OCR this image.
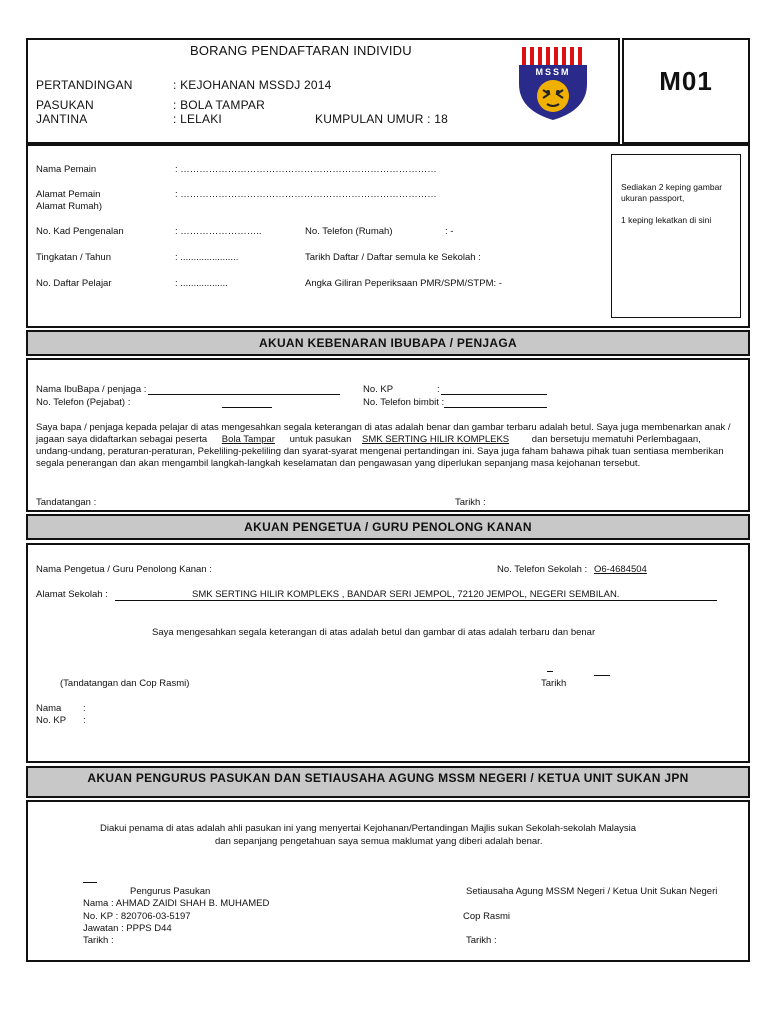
BORANG PENDAFTARAN INDIVIDU
PERTANDINGAN	: KEJOHANAN MSSDJ 2014
PASUKAN	: BOLA TAMPAR
JANTINA	: LELAKI	KUMPULAN UMUR : 18
MSSM	M01
Sediakan 2 keping gambar
ukuran passport,
1 keping lekatkan di sini
Nama Pemain	: ………………………………………………………………………
Alamat Pemain
Alamat Rumah)
: ………………………………………………………………………
No. Kad Pengenalan	: ……………………..	No. Telefon (Rumah)	: -
Tingkatan / Tahun	: ......................	Tarikh Daftar / Daftar semula ke Sekolah :
No. Daftar Pelajar	: ..................	Angka Giliran Peperiksaan PMR/SPM/STPM: -
AKUAN KEBENARAN IBUBAPA / PENJAGA
Nama IbuBapa / penjaga :	No. KP	:
No. Telefon (Pejabat) :	No. Telefon bimbit :
Saya bapa / penjaga kepada pelajar di atas mengesahkan segala keterangan di atas adalah benar dan gambar terbaru adalah betul. Saya juga membenarkan anak /
jagaan saya didaftarkan sebagai peserta Bola Tampar untuk pasukan SMK SERTING HILIR KOMPLEKS dan bersetuju mematuhi Perlembagaan,
undang-undang, peraturan-peraturan, Pekeliling-pekeliling dan syarat-syarat mengenai pertandingan ini. Saya juga faham bahawa pihak tuan sentiasa memberikan
segala penerangan dan akan mengambil langkah-langkah keselamatan dan pengawasan yang diperlukan sepanjang masa kejohanan tersebut.
Tandatangan :	Tarikh :
AKUAN PENGETUA / GURU PENOLONG KANAN
Nama Pengetua / Guru Penolong Kanan :	No. Telefon Sekolah : O6-4684504
Alamat Sekolah :	SMK SERTING HILIR KOMPLEKS , BANDAR SERI JEMPOL, 72120 JEMPOL, NEGERI SEMBILAN.
Saya mengesahkan segala keterangan di atas adalah betul dan gambar di atas adalah terbaru dan benar
(Tandatangan dan Cop Rasmi)	Tarikh
Nama :
No. KP :
AKUAN PENGURUS PASUKAN DAN SETIAUSAHA AGUNG MSSM NEGERI / KETUA UNIT SUKAN JPN
Diakui penama di atas adalah ahli pasukan ini yang menyertai Kejohanan/Pertandingan Majlis sukan Sekolah-sekolah Malaysia
dan sepanjang pengetahuan saya semua maklumat yang diberi adalah benar.
Pengurus Pasukan	Setiausaha Agung MSSM Negeri / Ketua Unit Sukan Negeri
Nama : AHMAD ZAIDI SHAH B. MUHAMED
No. KP : 820706-03-5197	Cop Rasmi
Jawatan : PPPS D44
Tarikh :	Tarikh :
